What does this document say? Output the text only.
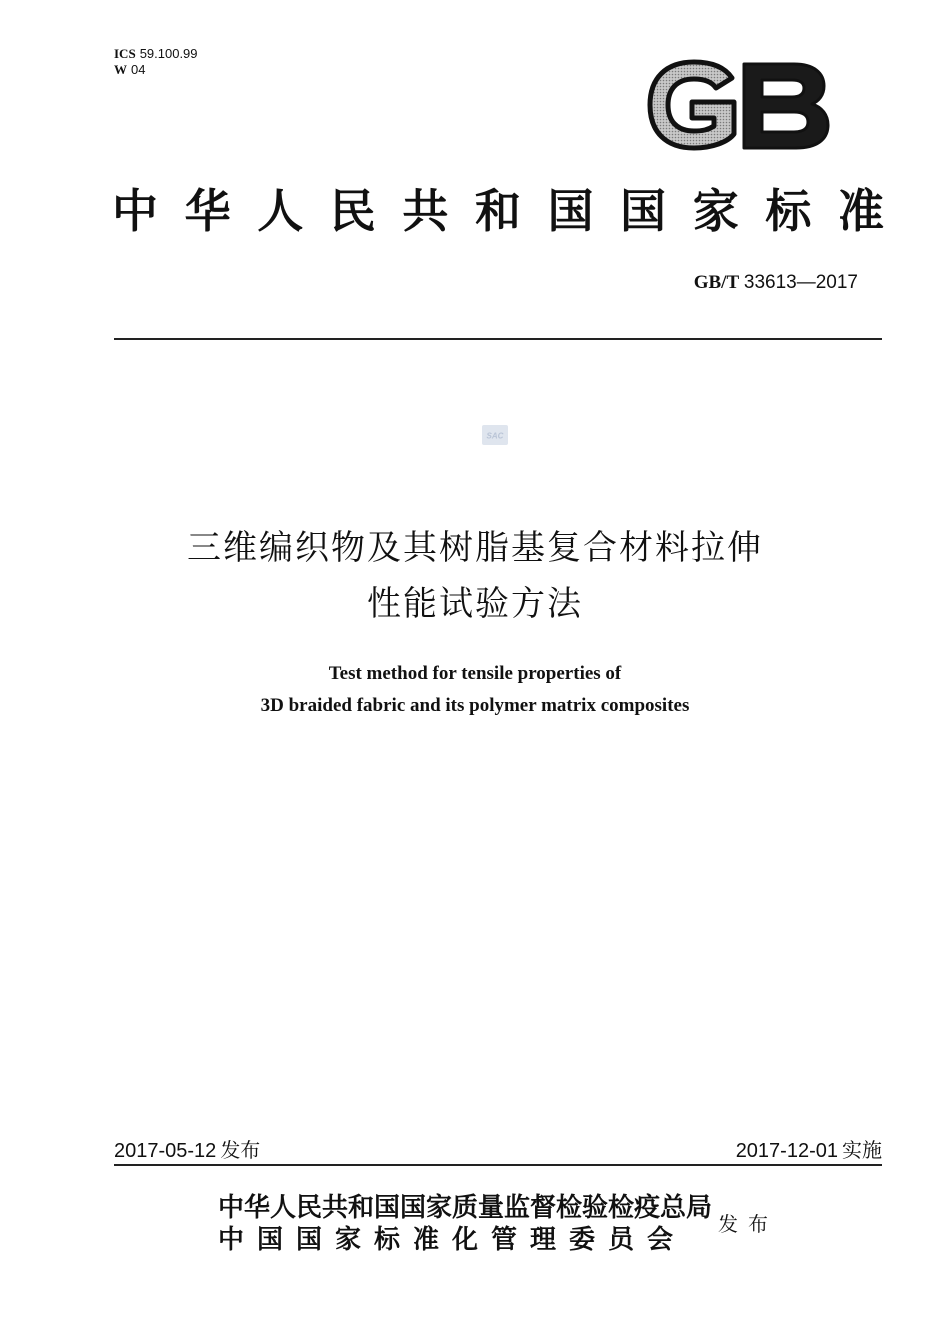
ICS 59.100.99
W 04
GB
中 华 人 民 共 和 国 国 家 标 准
GB/T 33613—2017
SAC
三维编织物及其树脂基复合材料拉伸
性能试验方法
Test method for tensile properties of
3D braided fabric and its polymer matrix composites
2017-05-12 发布	2017-12-01 实施
中华人民共和国国家质量监督检验检疫总局
中国国家标准化管理委员会
发布
